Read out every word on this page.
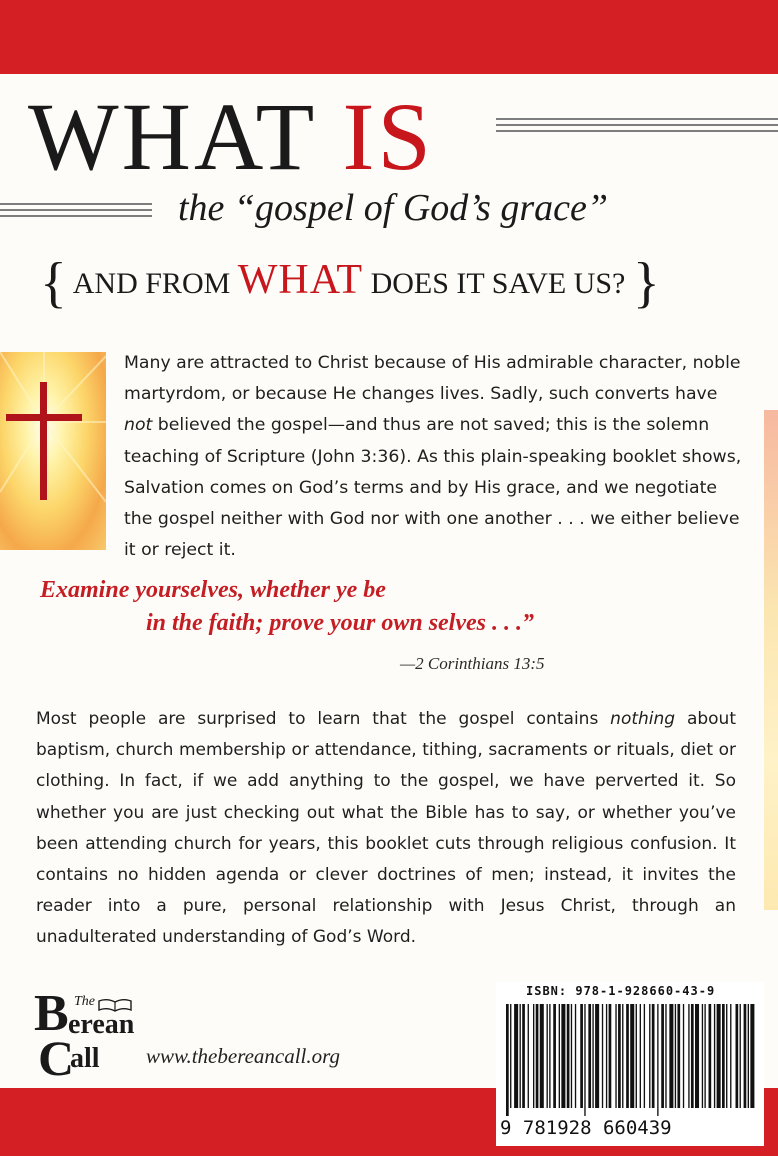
WHAT IS

the “gospel of God’s grace”

{ AND FROM WHAT DOES IT SAVE US? }

Many are attracted to Christ because of His admirable character, noble martyrdom, or because He changes lives. Sadly, such converts have not believed the gospel—and thus are not saved; this is the solemn teaching of Scripture (John 3:36). As this plain-speaking booklet shows, Salvation comes on God’s terms and by His grace, and we negotiate the gospel neither with God nor with one another . . . we either believe it or reject it.

Examine yourselves, whether ye be

in the faith; prove your own selves . . .”

—2 Corinthians 13:5

Most people are surprised to learn that the gospel contains nothing about baptism, church membership or attendance, tithing, sacraments or rituals, diet or clothing. In fact, if we add anything to the gospel, we have perverted it. So whether you are just checking out what the Bible has to say, or whether you’ve been attending church for years, this booklet cuts through religious confusion. It contains no hidden agenda or clever doctrines of men; instead, it invites the reader into a pure, personal relationship with Jesus Christ, through an unadulterated understanding of God’s Word.

The
B erean
C
all www.thebereancall.org

ISBN: 978-1-928660-43-9

9 781928 660439
